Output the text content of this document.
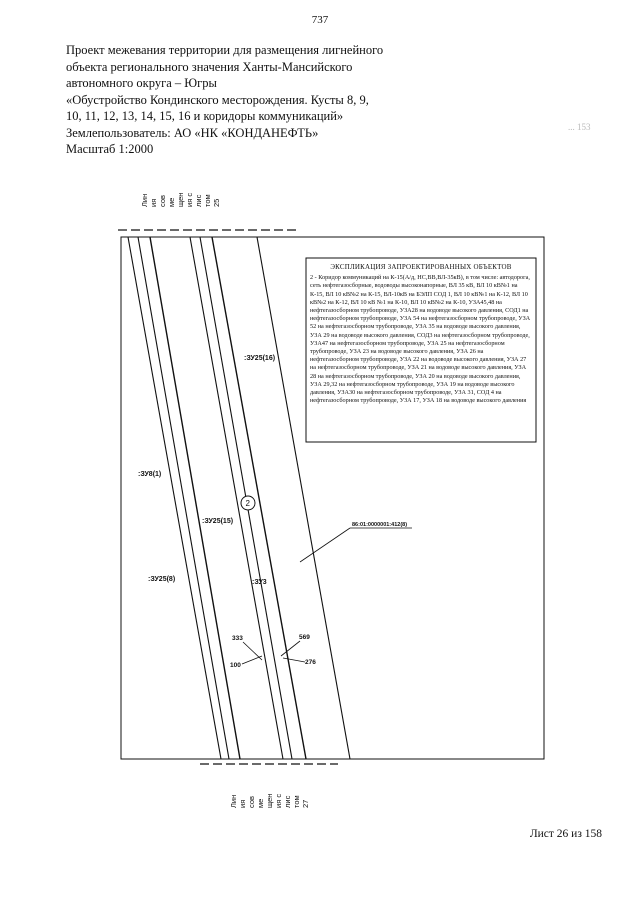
737
Проект межевания территории для размещения лигнейного
объекта регионального значения Ханты-Мансийского
автономного округа – Югры
«Обустройство Кондинского месторождения. Кусты 8, 9,
10, 11, 12, 13, 14, 15, 16 и коридоры коммуникаций»
Землепользователь: АО «НК «КОНДАНЕФТЬ»
Масштаб 1:2000
... 153
Лин ия сов ме щен ия с лис том 25
Лин ия сов ме щен ия с лис том 27
:ЗУ25(16)
:ЗУ8(1)
:ЗУ25(15)
:ЗУ25(8)	:ЗУ3
86:01:0000001:412(8)
333
100
569
276
2
ЭКСПЛИКАЦИЯ ЗАПРОЕКТИРОВАННЫХ ОБЪЕКТОВ
2 - Коридор коммуникаций на К-15(А/д, НС,ВВ,ВЛ-35кВ), в том числе: автодорога, сеть нефтегазосборные, водоводы высоконапорные, ВЛ 35 кВ, ВЛ 10 кВ№1 на К-15, ВЛ 10 кВ№2 на К-15, ВЛ-10кВ на БЭЛП СОД 1, ВЛ 10 кВ№1 на К-12, ВЛ 10 кВ№2 на К-12, ВЛ 10 кВ №1 на К-10, ВЛ 10 кВ№2 на К-10, УЗА45,48 на нефтегазосборном трубопроводе, УЗА28 на водоводе высокого давления, СОД1 на нефтегазосборном трубопроводе, УЗА 54 на нефтегазосборном трубопроводе, УЗА 52 на нефтегазосборном трубопроводе, УЗА 35 на водоводе высокого давления, УЗА 29 на водоводе высокого давления, СОД3 на нефтегазосборном трубопроводе, УЗА47 на нефтегазосборном трубопроводе, УЗА 25 на нефтегазосборном трубопроводе, УЗА 23 на водоводе высокого давления, УЗА 26 на нефтегазосборном трубопроводе, УЗА 22 на водоводе высокого давления, УЗА 27 на нефтегазосборном трубопроводе, УЗА 21 на водоводе высокого давления, УЗА 28 на нефтегазосборном трубопроводе, УЗА 20 на водоводе высокого давления, УЗА 29,32 на нефтегазосборном трубопроводе, УЗА 19 на водоводе высокого давления, УЗА30 на нефтегазосборном трубопроводе, УЗА 31, СОД 4 на нефтегазосборном трубопроводе, УЗА 17, УЗА 18 на водоводе высокого давления
Лист 26 из 158
